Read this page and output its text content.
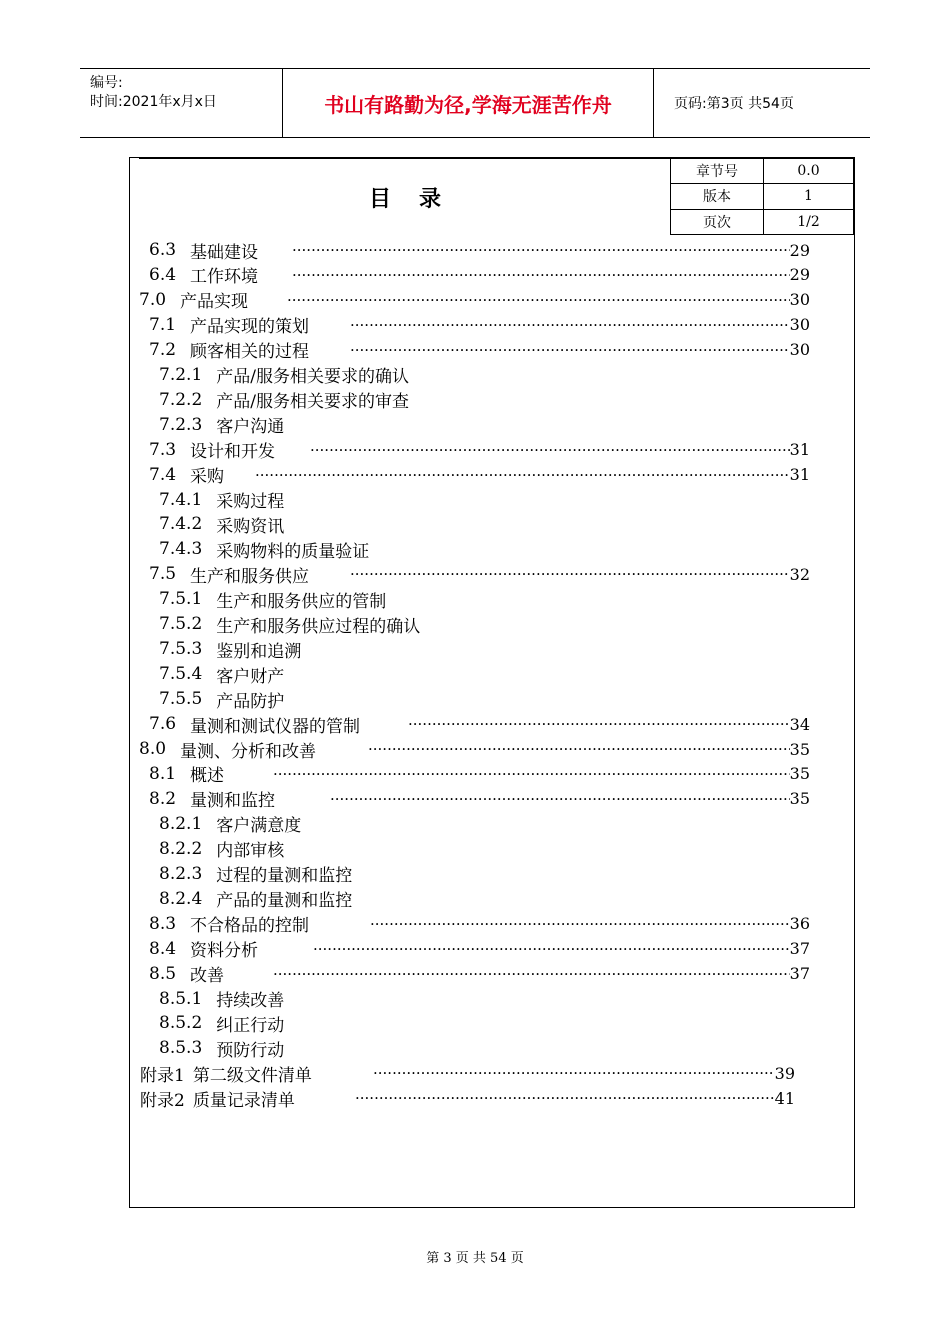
编号:
时间:2021年x月x日	书山有路勤为径,学海无涯苦作舟	页码:第3页 共54页
目录
章节号	0.0
版本	1
页次	1/2
6.3 基础建设 ·····	29
6.4 工作环境 ·····	29
7.0 产品实现 ·····	30
7.1 产品实现的策划 ·····	30
7.2 顾客相关的过程 ·····	30
7.2.1 产品/服务相关要求的确认
7.2.2 产品/服务相关要求的审查
7.2.3 客户沟通
7.3 设计和开发 ·····	31
7.4 采购 ·····	31
7.4.1 采购过程
7.4.2 采购资讯
7.4.3 采购物料的质量验证
7.5 生产和服务供应 ·····	32
7.5.1 生产和服务供应的管制
7.5.2 生产和服务供应过程的确认
7.5.3 鉴别和追溯
7.5.4 客户财产
7.5.5 产品防护
7.6 量测和测试仪器的管制 ·····	34
8.0 量测、分析和改善 ·····	35
8.1 概述 ·····	35
8.2 量测和监控 ·····	35
8.2.1 客户满意度
8.2.2 内部审核
8.2.3 过程的量测和监控
8.2.4 产品的量测和监控
8.3 不合格品的控制 ·····	36
8.4 资料分析 ·····	37
8.5 改善 ·····	37
8.5.1 持续改善
8.5.2 纠正行动
8.5.3 预防行动
附录1 第二级文件清单 ·····	39
附录2 质量记录清单 ·····	41
第 3 页 共 54 页
